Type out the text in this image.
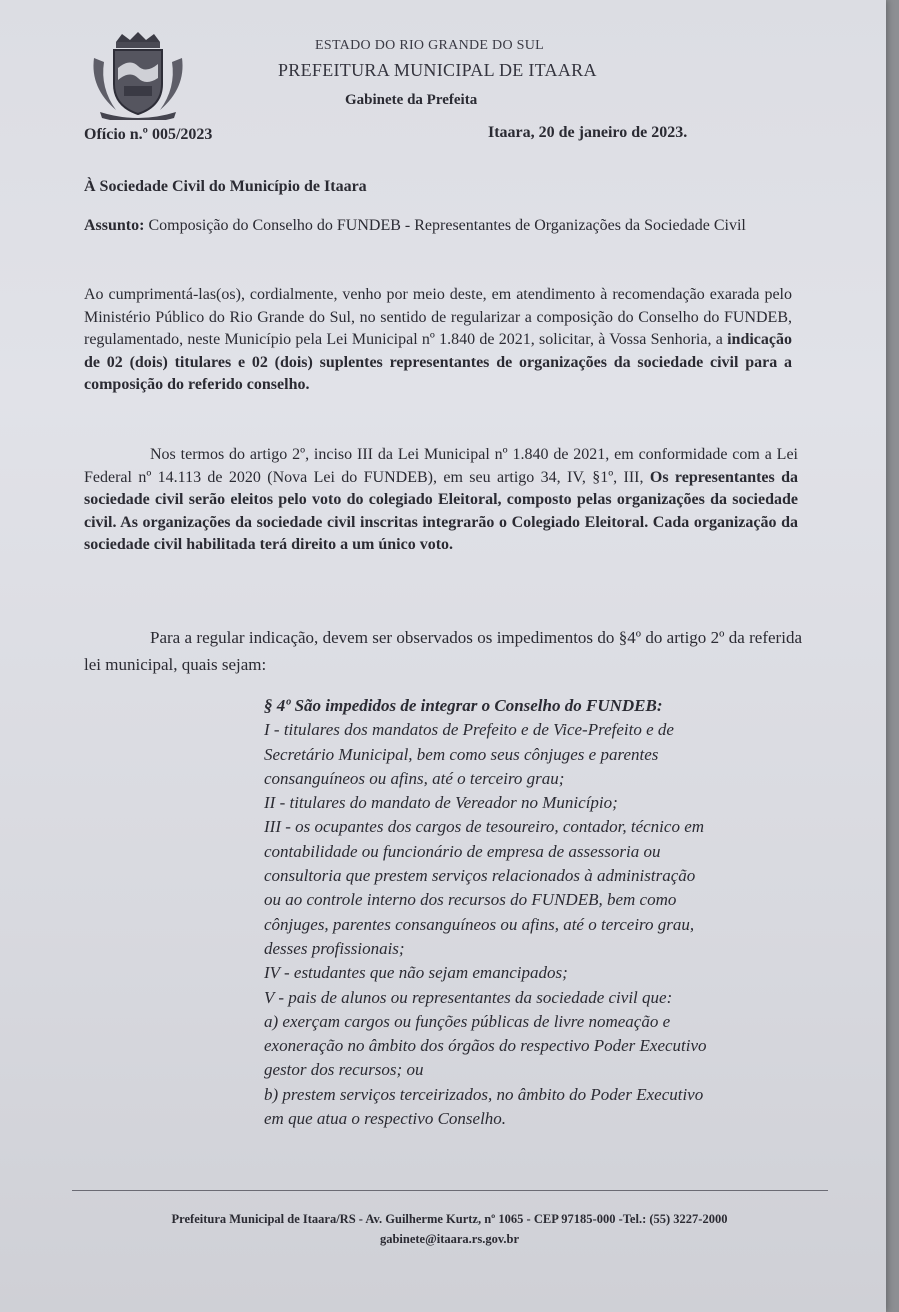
ESTADO DO RIO GRANDE DO SUL

PREFEITURA MUNICIPAL DE ITAARA

Gabinete da Prefeita

Ofício n.º 005/2023	Itaara, 20 de janeiro de 2023.

À Sociedade Civil do Município de Itaara

Assunto: Composição do Conselho do FUNDEB - Representantes de Organizações da Sociedade Civil

Ao cumprimentá-las(os), cordialmente, venho por meio deste, em atendimento à recomendação exarada pelo Ministério Público do Rio Grande do Sul, no sentido de regularizar a composição do Conselho do FUNDEB, regulamentado, neste Município pela Lei Municipal nº 1.840 de 2021, solicitar, à Vossa Senhoria, a indicação de 02 (dois) titulares e 02 (dois) suplentes representantes de organizações da sociedade civil para a composição do referido conselho.

Nos termos do artigo 2º, inciso III da Lei Municipal nº 1.840 de 2021, em conformidade com a Lei Federal nº 14.113 de 2020 (Nova Lei do FUNDEB), em seu artigo 34, IV, §1º, III, Os representantes da sociedade civil serão eleitos pelo voto do colegiado Eleitoral, composto pelas organizações da sociedade civil. As organizações da sociedade civil inscritas integrarão o Colegiado Eleitoral. Cada organização da sociedade civil habilitada terá direito a um único voto.

Para a regular indicação, devem ser observados os impedimentos do §4º do artigo 2º da referida lei municipal, quais sejam:

§ 4º São impedidos de integrar o Conselho do FUNDEB:
I - titulares dos mandatos de Prefeito e de Vice-Prefeito e de
Secretário Municipal, bem como seus cônjuges e parentes
consanguíneos ou afins, até o terceiro grau;
II - titulares do mandato de Vereador no Município;
III - os ocupantes dos cargos de tesoureiro, contador, técnico em
contabilidade ou funcionário de empresa de assessoria ou
consultoria que prestem serviços relacionados à administração
ou ao controle interno dos recursos do FUNDEB, bem como
cônjuges, parentes consanguíneos ou afins, até o terceiro grau,
desses profissionais;
IV - estudantes que não sejam emancipados;
V - pais de alunos ou representantes da sociedade civil que:
a) exerçam cargos ou funções públicas de livre nomeação e
exoneração no âmbito dos órgãos do respectivo Poder Executivo
gestor dos recursos; ou
b) prestem serviços terceirizados, no âmbito do Poder Executivo
em que atua o respectivo Conselho.

Prefeitura Municipal de Itaara/RS - Av. Guilherme Kurtz, nº 1065 - CEP 97185-000 -Tel.: (55) 3227-2000

gabinete@itaara.rs.gov.br
